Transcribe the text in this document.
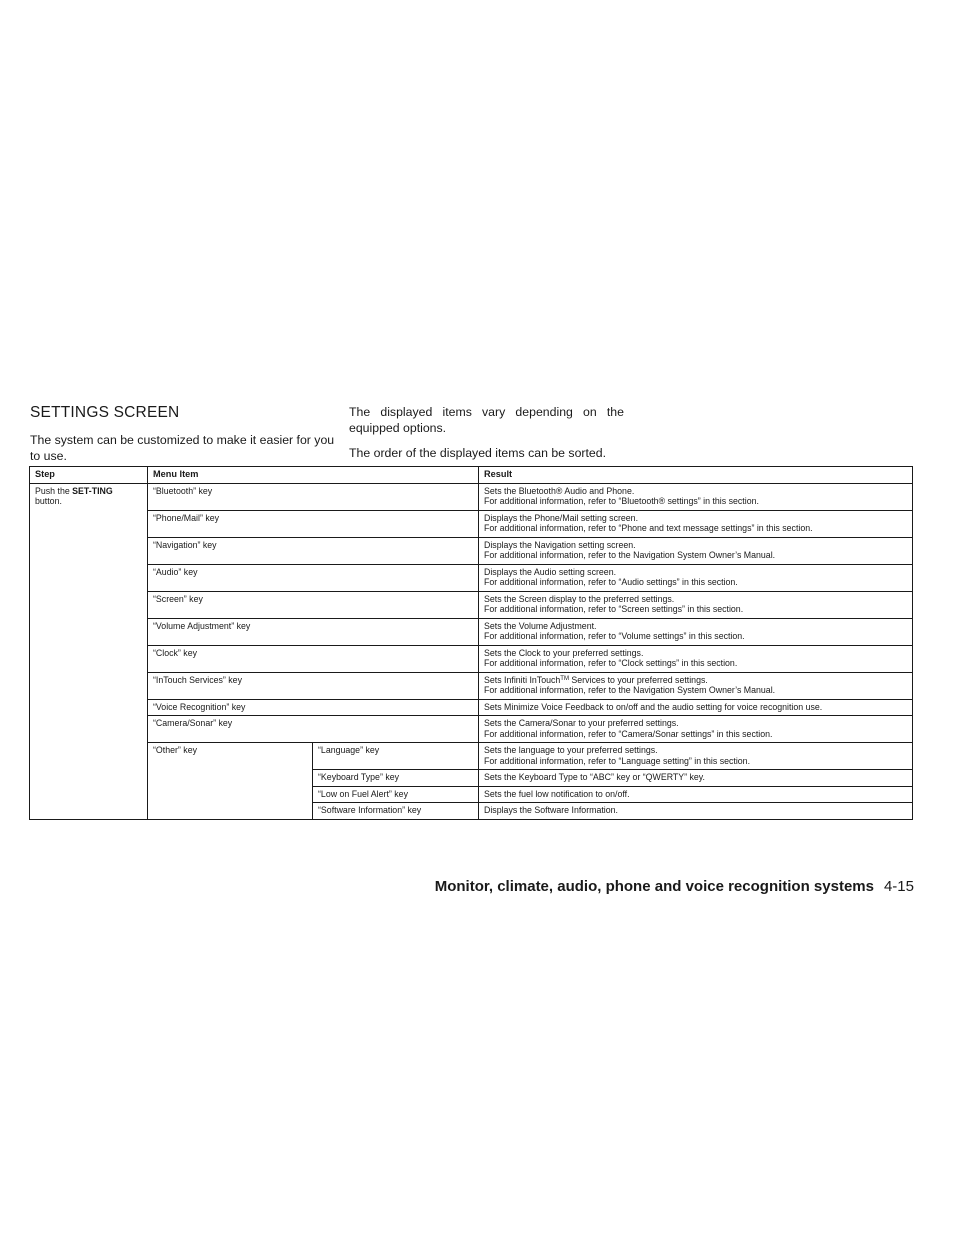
SETTINGS SCREEN

The system can be customized to make it easier for you to use.

The displayed items vary depending on the equipped options.

The order of the displayed items can be sorted.

Step	Menu Item		Result
Push the SET-TING button.	“Bluetooth” key		Sets the Bluetooth® Audio and Phone.
For additional information, refer to “Bluetooth® settings” in this section.

	“Phone/Mail” key		Displays the Phone/Mail setting screen.
For additional information, refer to “Phone and text message settings” in this section.

	“Navigation” key		Displays the Navigation setting screen.
For additional information, refer to the Navigation System Owner’s Manual.

	“Audio” key		Displays the Audio setting screen.
For additional information, refer to “Audio settings” in this section.

	“Screen” key		Sets the Screen display to the preferred settings.
For additional information, refer to “Screen settings” in this section.

	“Volume Adjustment” key		Sets the Volume Adjustment.
For additional information, refer to “Volume settings” in this section.

	“Clock” key		Sets the Clock to your preferred settings.
For additional information, refer to “Clock settings” in this section.

	“InTouch Services” key		Sets Infiniti InTouch™ Services to your preferred settings.
For additional information, refer to the Navigation System Owner’s Manual.

	“Voice Recognition” key		Sets Minimize Voice Feedback to on/off and the audio setting for voice recognition use.

	“Camera/Sonar” key		Sets the Camera/Sonar to your preferred settings.
For additional information, refer to “Camera/Sonar settings” in this section.

	“Other” key	“Language” key	Sets the language to your preferred settings.
For additional information, refer to “Language setting” in this section.

		“Keyboard Type” key	Sets the Keyboard Type to “ABC” key or “QWERTY” key.

		“Low on Fuel Alert” key	Sets the fuel low notification to on/off.

		“Software Information” key	Displays the Software Information.
Monitor, climate, audio, phone and voice recognition systems 4-15
